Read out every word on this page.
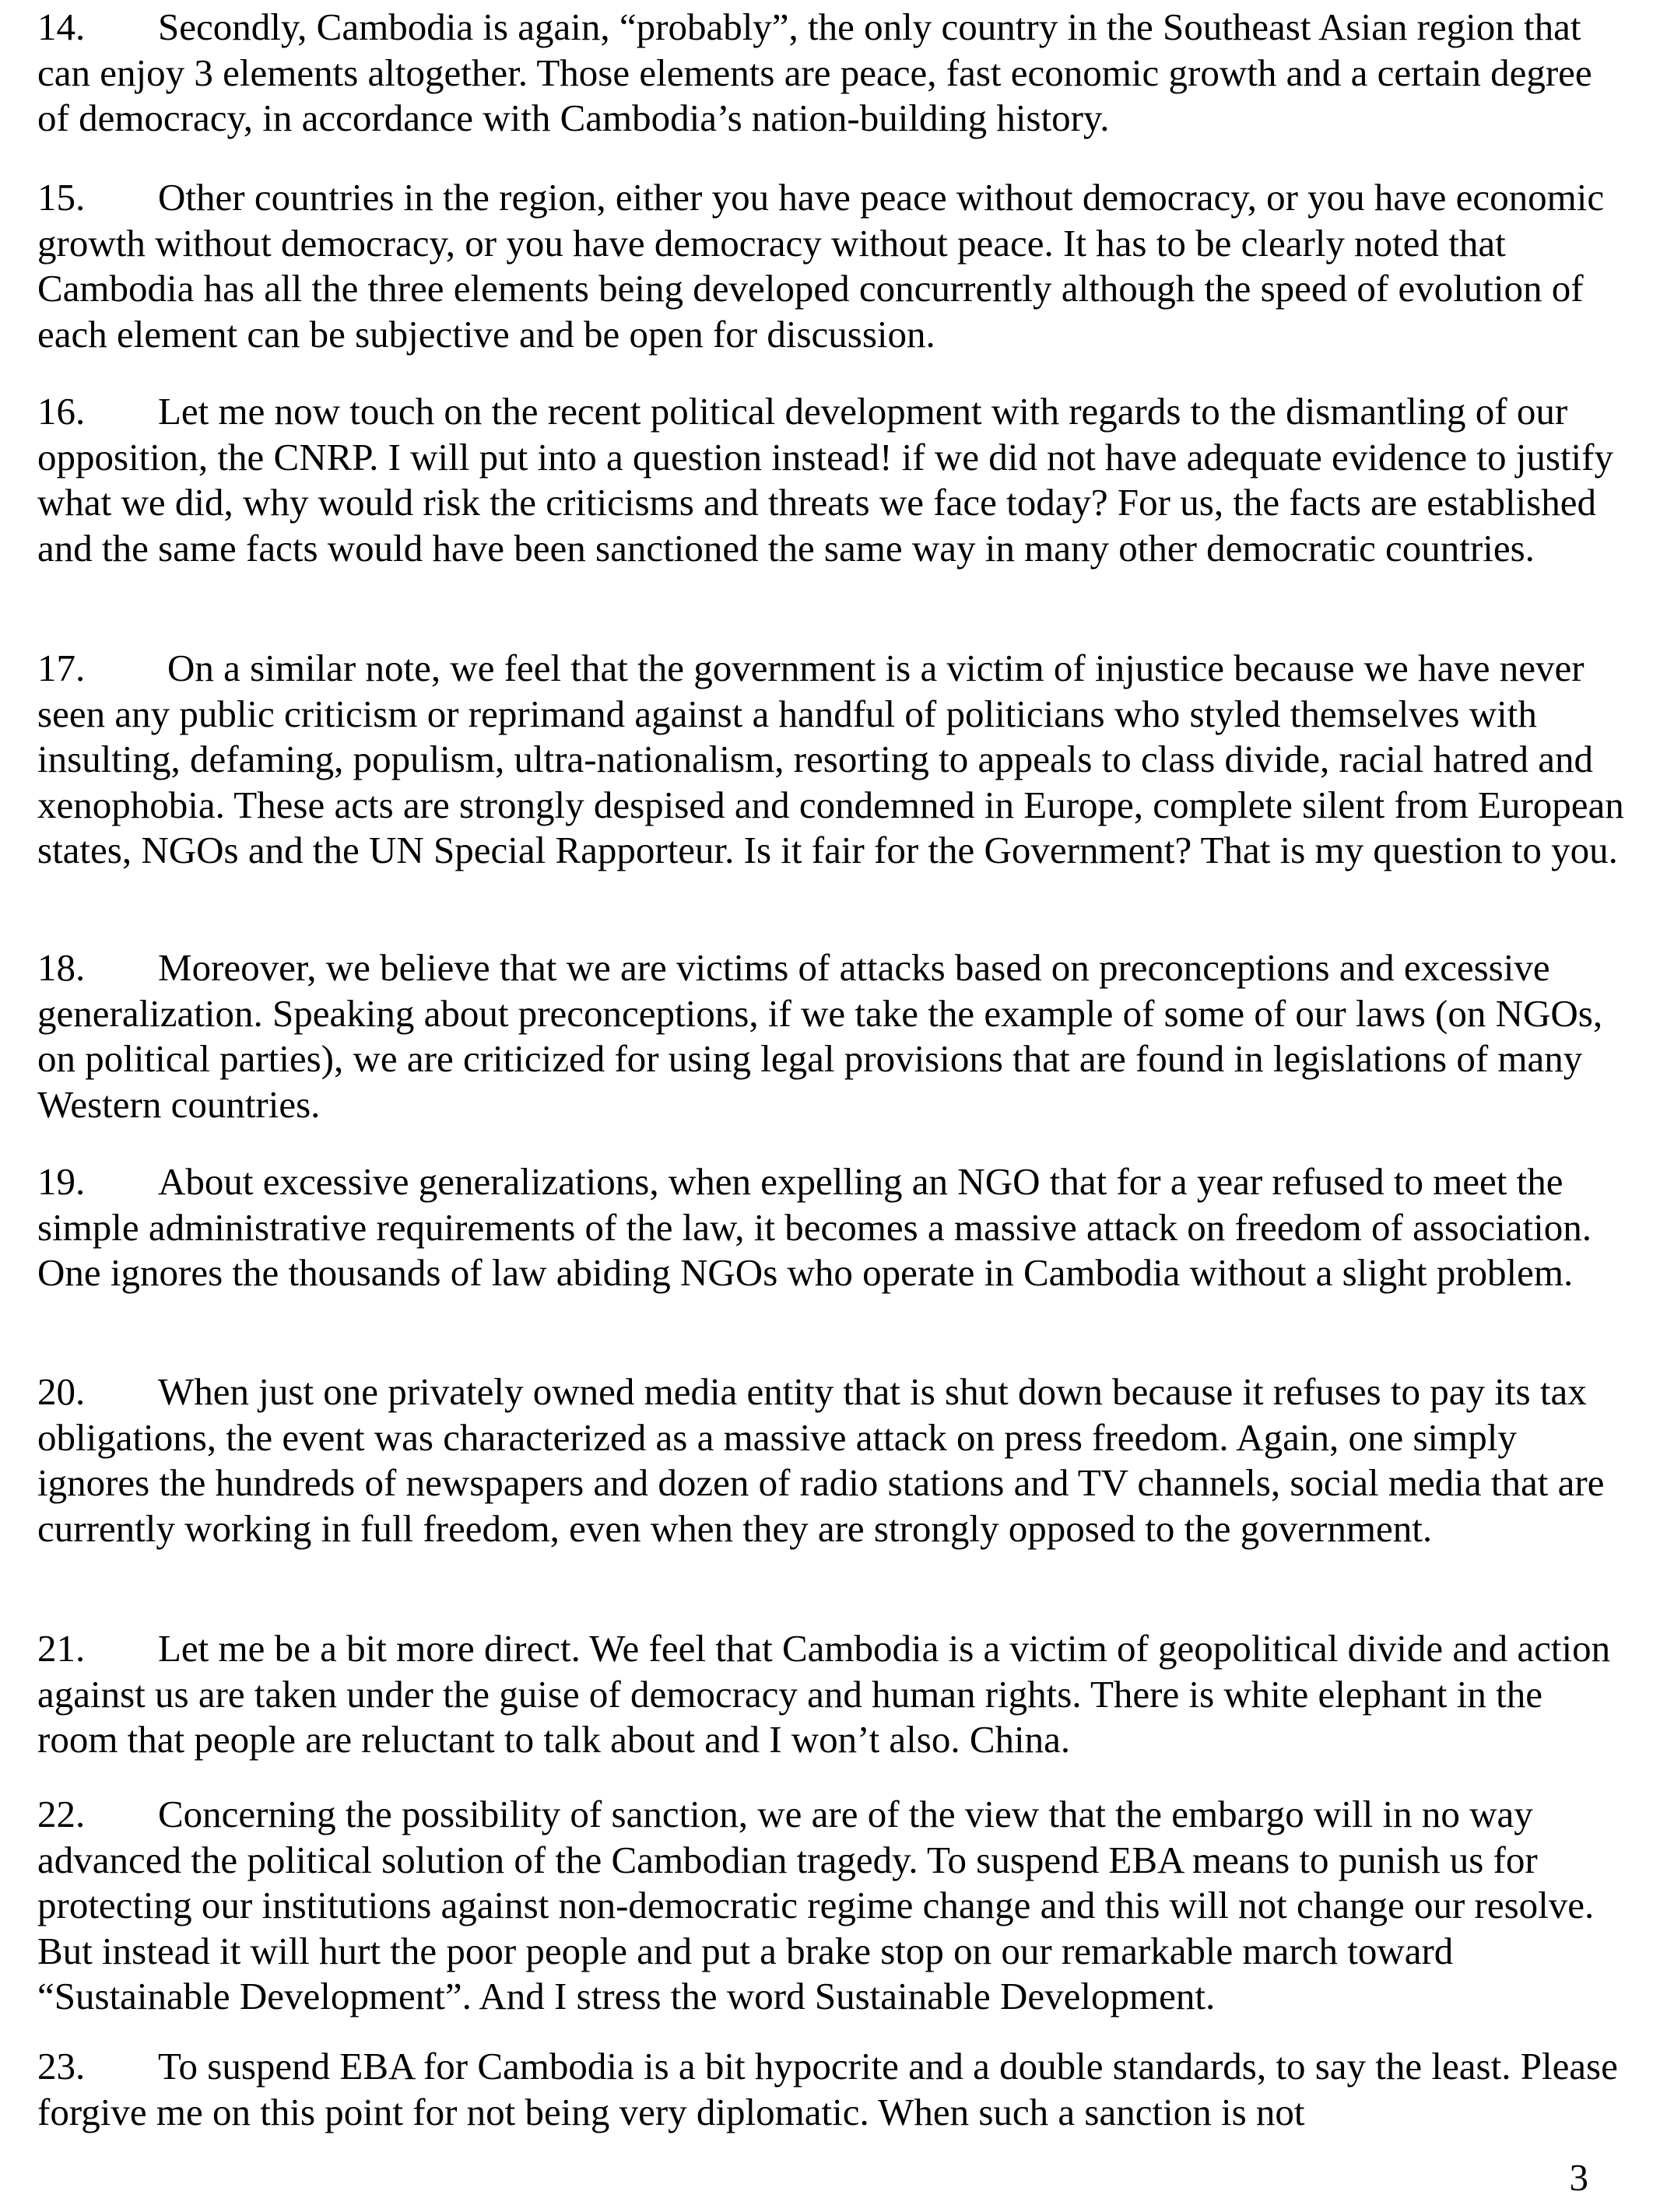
14. Secondly, Cambodia is again, “probably”, the only country in the Southeast Asian region that can enjoy 3 elements altogether. Those elements are peace, fast economic growth and a certain degree of democracy, in accordance with Cambodia’s nation-building history.

15. Other countries in the region, either you have peace without democracy, or you have economic growth without democracy, or you have democracy without peace. It has to be clearly noted that Cambodia has all the three elements being developed concurrently although the speed of evolution of each element can be subjective and be open for discussion.

16. Let me now touch on the recent political development with regards to the dismantling of our opposition, the CNRP. I will put into a question instead! if we did not have adequate evidence to justify what we did, why would risk the criticisms and threats we face today? For us, the facts are established and the same facts would have been sanctioned the same way in many other democratic countries.

17. On a similar note, we feel that the government is a victim of injustice because we have never seen any public criticism or reprimand against a handful of politicians who styled themselves with insulting, defaming, populism, ultra-nationalism, resorting to appeals to class divide, racial hatred and xenophobia. These acts are strongly despised and condemned in Europe, complete silent from European states, NGOs and the UN Special Rapporteur. Is it fair for the Government? That is my question to you.

18. Moreover, we believe that we are victims of attacks based on preconceptions and excessive generalization. Speaking about preconceptions, if we take the example of some of our laws (on NGOs, on political parties), we are criticized for using legal provisions that are found in legislations of many Western countries.

19. About excessive generalizations, when expelling an NGO that for a year refused to meet the simple administrative requirements of the law, it becomes a massive attack on freedom of association. One ignores the thousands of law abiding NGOs who operate in Cambodia without a slight problem.

20. When just one privately owned media entity that is shut down because it refuses to pay its tax obligations, the event was characterized as a massive attack on press freedom. Again, one simply ignores the hundreds of newspapers and dozen of radio stations and TV channels, social media that are currently working in full freedom, even when they are strongly opposed to the government.

21. Let me be a bit more direct. We feel that Cambodia is a victim of geopolitical divide and action against us are taken under the guise of democracy and human rights. There is white elephant in the room that people are reluctant to talk about and I won’t also. China.

22. Concerning the possibility of sanction, we are of the view that the embargo will in no way advanced the political solution of the Cambodian tragedy. To suspend EBA means to punish us for protecting our institutions against non-democratic regime change and this will not change our resolve. But instead it will hurt the poor people and put a brake stop on our remarkable march toward “Sustainable Development”. And I stress the word Sustainable Development.

23. To suspend EBA for Cambodia is a bit hypocrite and a double standards, to say the least. Please forgive me on this point for not being very diplomatic. When such a sanction is not

3
